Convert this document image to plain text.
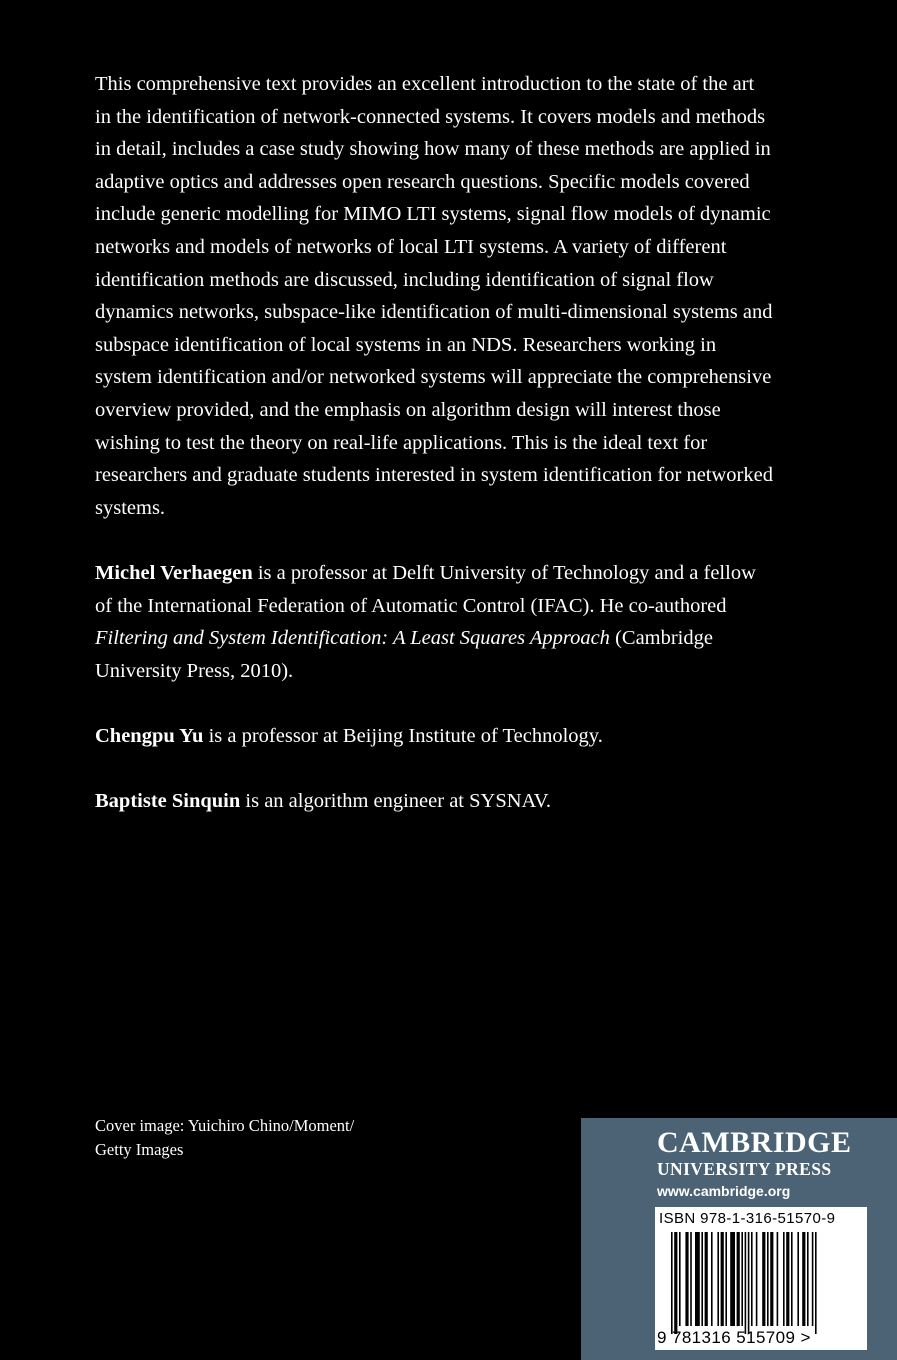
This comprehensive text provides an excellent introduction to the state of the art in the identification of network-connected systems. It covers models and methods in detail, includes a case study showing how many of these methods are applied in adaptive optics and addresses open research questions. Specific models covered include generic modelling for MIMO LTI systems, signal flow models of dynamic networks and models of networks of local LTI systems. A variety of different identification methods are discussed, including identification of signal flow dynamics networks, subspace-like identification of multi-dimensional systems and subspace identification of local systems in an NDS. Researchers working in system identification and/or networked systems will appreciate the comprehensive overview provided, and the emphasis on algorithm design will interest those wishing to test the theory on real-life applications. This is the ideal text for researchers and graduate students interested in system identification for networked systems.

Michel Verhaegen is a professor at Delft University of Technology and a fellow of the International Federation of Automatic Control (IFAC). He co-authored Filtering and System Identification: A Least Squares Approach (Cambridge University Press, 2010).

Chengpu Yu is a professor at Beijing Institute of Technology.

Baptiste Sinquin is an algorithm engineer at SYSNAV.

Cover image: Yuichiro Chino/Moment/
Getty Images	CAMBRIDGE
UNIVERSITY PRESS
www.cambridge.org
ISBN 978-1-316-51570-9
9 781316 515709 >
